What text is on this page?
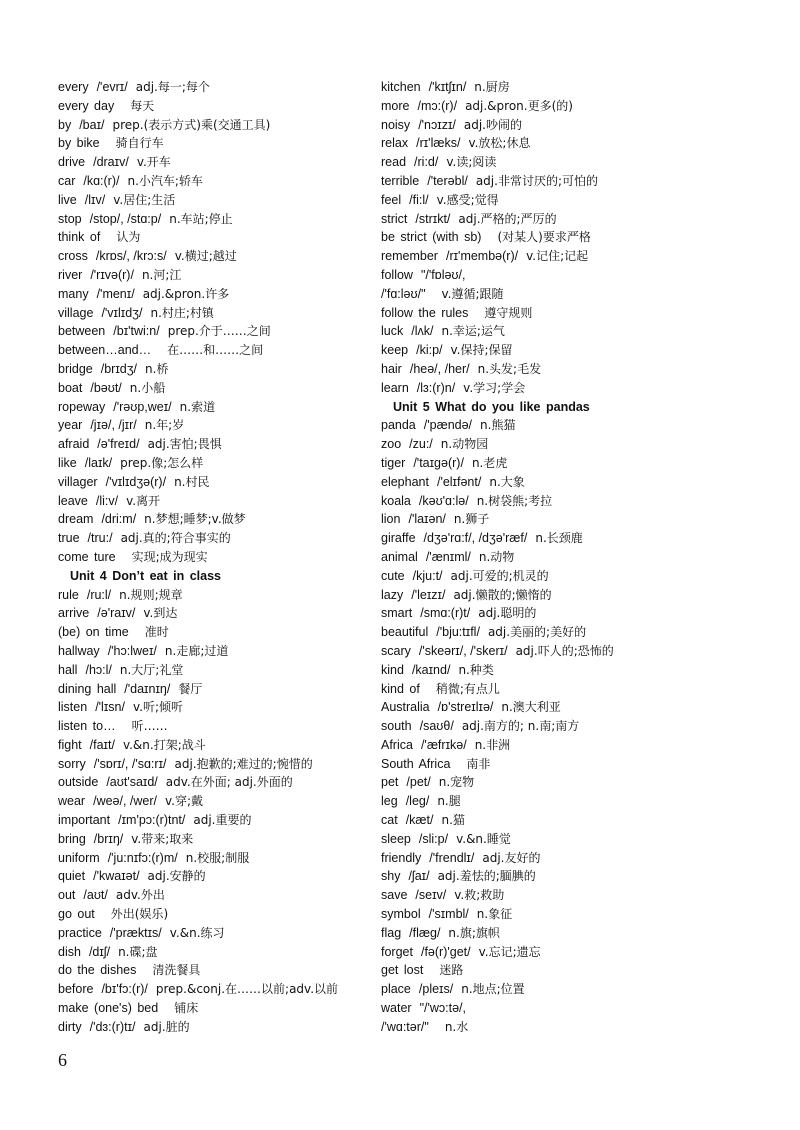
every /'evrɪ/ adj.每一;每个
every day 每天
by /baɪ/ prep.(表示方式)乘(交通工具)
by bike 骑自行车
drive /draɪv/ v.开车
car /kɑ:(r)/ n.小汽车;轿车
live /lɪv/ v.居住;生活
stop /stop/, /stɑ:p/ n.车站;停止
think of 认为
cross /krɒs/, /krɔ:s/ v.横过;越过
river /'rɪvə(r)/ n.河;江
many /'menɪ/ adj.&pron.许多
village /'vɪlɪdʒ/ n.村庄;村镇
between /bɪ'twi:n/ prep.介于……之间
between…and… 在……和……之间
bridge /brɪdʒ/ n.桥
boat /bəʊt/ n.小船
ropeway /'rəʊp,weɪ/ n.索道
year /jɪə/, /jɪr/ n.年;岁
afraid /ə'freɪd/ adj.害怕;畏惧
like /laɪk/ prep.像;怎么样
villager /'vɪlɪdʒə(r)/ n.村民
leave /li:v/ v.离开
dream /dri:m/ n.梦想;睡梦;v.做梦
true /tru:/ adj.真的;符合事实的
come ture 实现;成为现实
Unit 4 Don’t eat in class
rule /ru:l/ n.规则;规章
arrive /ə'raɪv/ v.到达
(be) on time 准时
hallway /'hɔ:lweɪ/ n.走廊;过道
hall /hɔ:l/ n.大厅;礼堂
dining hall /'daɪnɪŋ/ 餐厅
listen /'lɪsn/ v.听;倾听
listen to… 听……
fight /faɪt/ v.&n.打架;战斗
sorry /'sɒrɪ/, /'sɑ:rɪ/ adj.抱歉的;难过的;惋惜的
outside /aʊt'saɪd/ adv.在外面; adj.外面的
wear /weə/, /wer/ v.穿;戴
important /ɪm'pɔ:(r)tnt/ adj.重要的
bring /brɪŋ/ v.带来;取来
uniform /'ju:nɪfɔ:(r)m/ n.校服;制服
quiet /'kwaɪət/ adj.安静的
out /aʊt/ adv.外出
go out 外出(娱乐)
practice /'præktɪs/ v.&n.练习
dish /dɪʃ/ n.碟;盘
do the dishes 清洗餐具
before /bɪ'fɔ:(r)/ prep.&conj.在……以前;adv.以前
make (one's) bed 铺床
dirty /'dɜ:(r)tɪ/ adj.脏的
kitchen /'kɪtʃɪn/ n.厨房
more /mɔ:(r)/ adj.&pron.更多(的)
noisy /'nɔɪzɪ/ adj.吵闹的
relax /rɪ'læks/ v.放松;休息
read /ri:d/ v.读;阅读
terrible /'terəbl/ adj.非常讨厌的;可怕的
feel /fi:l/ v.感受;觉得
strict /strɪkt/ adj.严格的;严厉的
be strict (with sb) (对某人)要求严格
remember /rɪ'membə(r)/ v.记住;记起
follow "/'fɒləʊ/,
/'fɑ:ləʊ/" v.遵循;跟随
follow the rules 遵守规则
luck /lʌk/ n.幸运;运气
keep /ki:p/ v.保持;保留
hair /heə/, /her/ n.头发;毛发
learn /lɜ:(r)n/ v.学习;学会
Unit 5 What do you like pandas
panda /'pændə/ n.熊猫
zoo /zu:/ n.动物园
tiger /'taɪgə(r)/ n.老虎
elephant /'elɪfənt/ n.大象
koala /kəʊ'ɑ:lə/ n.树袋熊;考拉
lion /'laɪən/ n.狮子
giraffe /dʒə'rɑ:f/, /dʒə'ræf/ n.长颈鹿
animal /'ænɪml/ n.动物
cute /kju:t/ adj.可爱的;机灵的
lazy /'leɪzɪ/ adj.懒散的;懒惰的
smart /smɑ:(r)t/ adj.聪明的
beautiful /'bju:tɪfl/ adj.美丽的;美好的
scary /'skeərɪ/, /'skerɪ/ adj.吓人的;恐怖的
kind /kaɪnd/ n.种类
kind of 稍微;有点儿
Australia /ɒ'streɪlɪə/ n.澳大利亚
south /saʊθ/ adj.南方的; n.南;南方
Africa /'æfrɪkə/ n.非洲
South Africa 南非
pet /pet/ n.宠物
leg /leg/ n.腿
cat /kæt/ n.猫
sleep /sli:p/ v.&n.睡觉
friendly /'frendlɪ/ adj.友好的
shy /ʃaɪ/ adj.羞怯的;腼腆的
save /seɪv/ v.救;救助
symbol /'sɪmbl/ n.象征
flag /flæg/ n.旗;旗帜
forget /fə(r)'get/ v.忘记;遗忘
get lost 迷路
place /pleɪs/ n.地点;位置
water "/'wɔ:tə/,
/'wɑ:tər/" n.水
6
